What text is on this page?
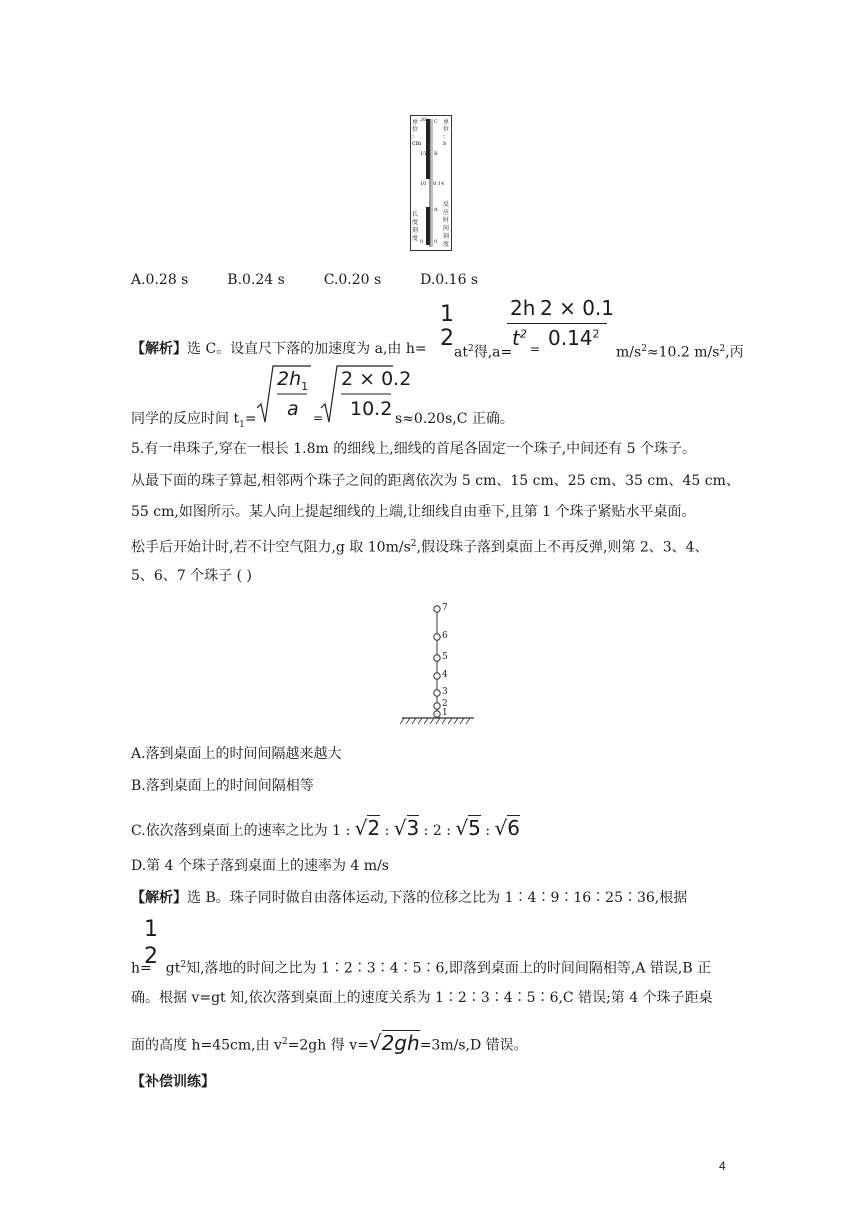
单
位
:
cm
长
度
刻
度
单
位
:
s
反
应
时
间
刻
度
20
15
10
0
C
B
0.14
A
0
A.0.28 s	B.0.24 s	C.0.20 s	D.0.16 s
1
2
2h
$t^2$
2 × 0.1
0.14$^2$
【解析】选 C。设直尺下落的加速度为 a,由 $h= at^2$得,a= =	$m/s^2\approx 10.2$ $m/s^2$,丙
$2h_1$
a
2 × 0.2
10.2
同学的反应时间 $t_1=$	=	s≈0.20s,C 正确。
5.有一串珠子,穿在一根长 1.8m 的细线上,细线的首尾各固定一个珠子,中间还有 5 个珠子。
从最下面的珠子算起,相邻两个珠子之间的距离依次为 5 cm、15 cm、25 cm、35 cm、45 cm、
55 cm,如图所示。某人向上提起细线的上端,让细线自由垂下,且第 1 个珠子紧贴水平桌面。
松手后开始计时,若不计空气阻力,g 取 $10m/s^2$,假设珠子落到桌面上不再反弹,则第 2、3、4、
5、6、7 个珠子 ( )
7
6
5
4
3
2
1
A.落到桌面上的时间间隔越来越大
B.落到桌面上的时间间隔相等
C.依次落到桌面上的速率之比为 1 : √2 : √3 : 2 : √5 : √6
D.第 4 个珠子落到桌面上的速率为 4 m/s
【解析】选 B。珠子同时做自由落体运动,下落的位移之比为 1∶4∶9∶16∶25∶36,根据
1
2
$h= gt^2$知,落地的时间之比为 1∶2∶3∶4∶5∶6,即落到桌面上的时间间隔相等,A 错误,B 正
确。根据 v=gt 知,依次落到桌面上的速度关系为 1∶2∶3∶4∶5∶6,C 错误;第 4 个珠子距桌
面的高度 h=45cm,由 $v^2=2gh$ 得 v=√2gh=3m/s,D 错误。
【补偿训练】
4
